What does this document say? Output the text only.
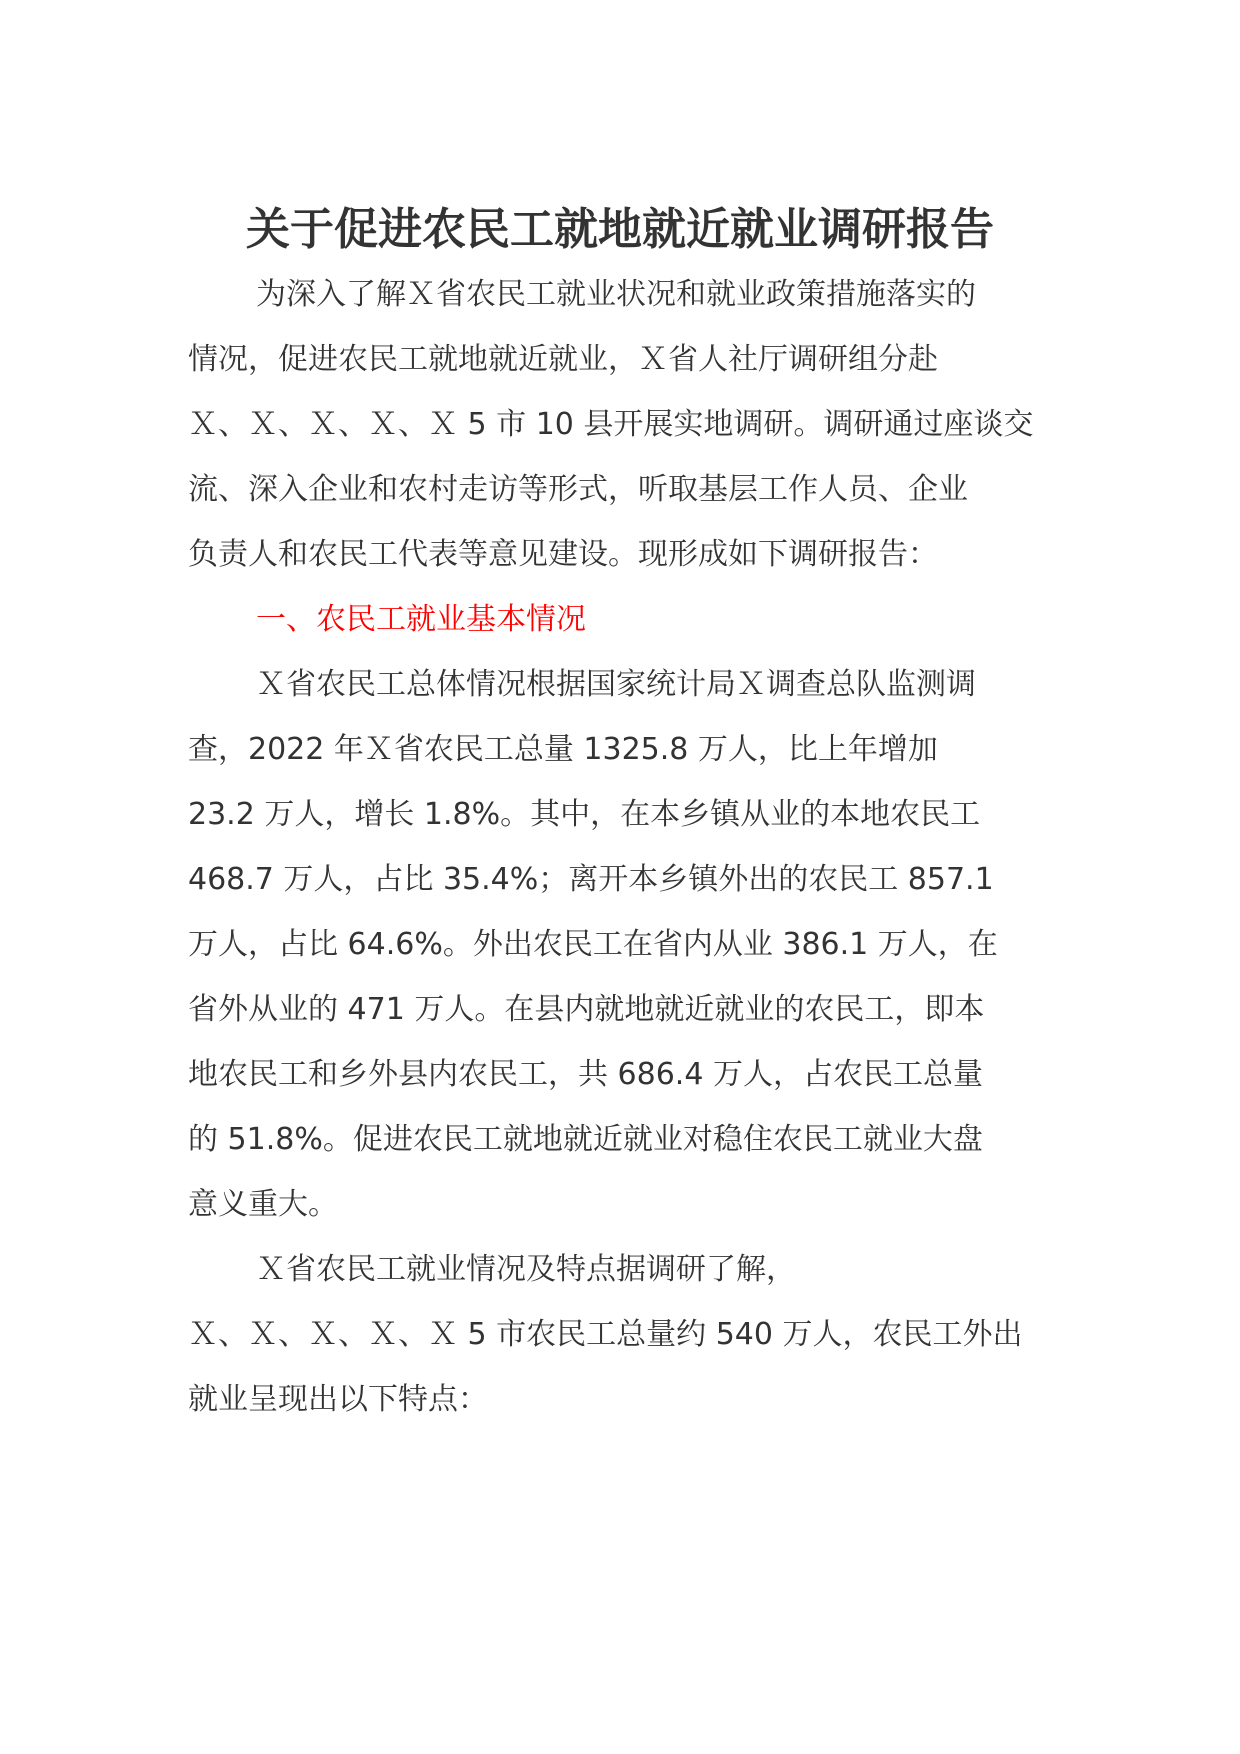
关于促进农民工就地就近就业调研报告
为深入了解Ｘ省农民工就业状况和就业政策措施落实的
情况，促进农民工就地就近就业，Ｘ省人社厅调研组分赴
Ｘ、Ｘ、Ｘ、Ｘ、Ｘ 5 市 10 县开展实地调研。调研通过座谈交
流、深入企业和农村走访等形式，听取基层工作人员、企业
负责人和农民工代表等意见建设。现形成如下调研报告：
一、农民工就业基本情况
Ｘ省农民工总体情况根据国家统计局Ｘ调查总队监测调
查，2022 年Ｘ省农民工总量 1325.8 万人，比上年增加
23.2 万人，增长 1.8%。其中，在本乡镇从业的本地农民工
468.7 万人，占比 35.4%；离开本乡镇外出的农民工 857.1
万人，占比 64.6%。外出农民工在省内从业 386.1 万人，在
省外从业的 471 万人。在县内就地就近就业的农民工，即本
地农民工和乡外县内农民工，共 686.4 万人，占农民工总量
的 51.8%。促进农民工就地就近就业对稳住农民工就业大盘
意义重大。
Ｘ省农民工就业情况及特点据调研了解，
Ｘ、Ｘ、Ｘ、Ｘ、Ｘ 5 市农民工总量约 540 万人，农民工外出
就业呈现出以下特点：
